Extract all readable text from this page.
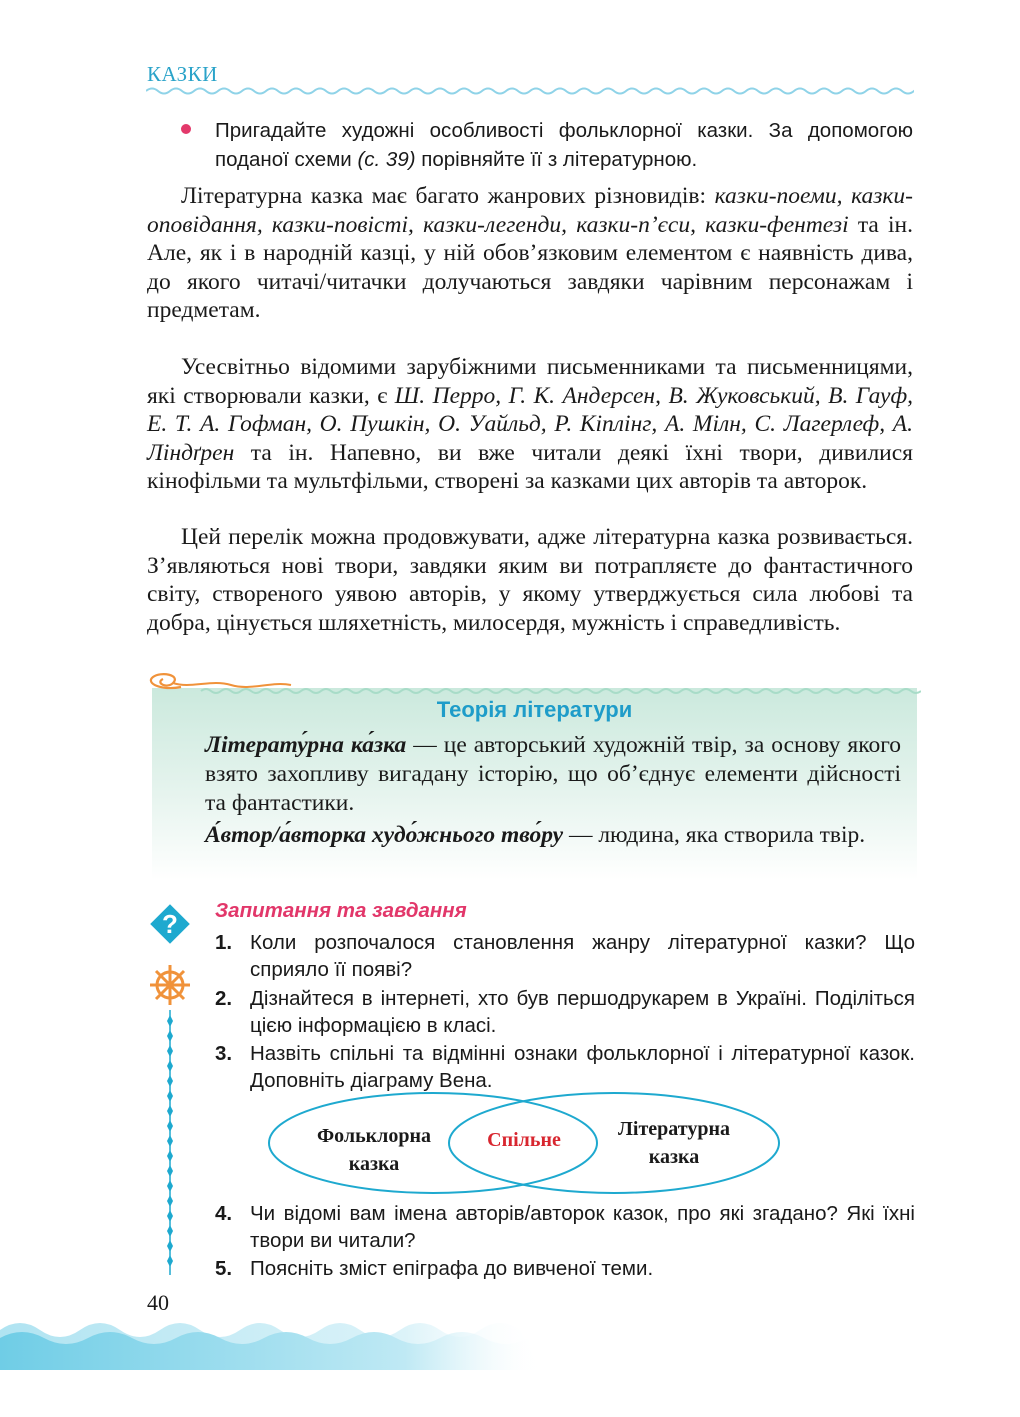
КАЗКИ
Пригадайте художні особливості фольклорної казки. За допомогою поданої схеми (с. 39) порівняйте її з літературною.

Літературна казка має багато жанрових різновидів: казки-поеми, казки-оповідання, казки-повісті, казки-легенди, казки-п’єси, казки-фентезі та ін. Але, як і в народній казці, у ній обов’язковим елементом є наявність дива, до якого читачі/читачки долучаються завдяки чарівним персонажам і предметам.

Усесвітньо відомими зарубіжними письменниками та письменницями, які створювали казки, є Ш. Перро, Г. К. Андерсен, В. Жуковський, В. Гауф, Е. Т. А. Гофман, О. Пушкін, О. Уайльд, Р. Кіплінг, А. Мілн, С. Лагерлеф, А. Ліндґрен та ін. Напевно, ви вже читали деякі їхні твори, дивилися кінофільми та мультфільми, створені за казками цих авторів та авторок.

Цей перелік можна продовжувати, адже літературна казка розвивається. З’являються нові твори, завдяки яким ви потрапляєте до фантастичного світу, створеного уявою авторів, у якому утверджується сила любові та добра, цінується шляхетність, милосердя, мужність і справедливість.

Теорія літератури
Літерату́рна ка́зка — це авторський художній твір, за основу якого взято захопливу вигадану історію, що об’єднує елементи дійсності та фантастики.
А́втор/а́вторка худо́жнього тво́ру — людина, яка створила твір.
? Запитання та завдання
1. Коли розпочалося становлення жанру літературної казки? Що сприяло її появі?
2. Дізнайтеся в інтернеті, хто був першодрукарем в Україні. Поділіться цією інформацією в класі.
3. Назвіть спільні та відмінні ознаки фольклорної і літературної казок. Доповніть діаграму Вена.
4. Чи відомі вам імена авторів/авторок казок, про які згадано? Які їхні твори ви читали?
5. Поясніть зміст епіграфа до вивченої теми.
Фольклорна казка
Спільне	Літературна казка
40
